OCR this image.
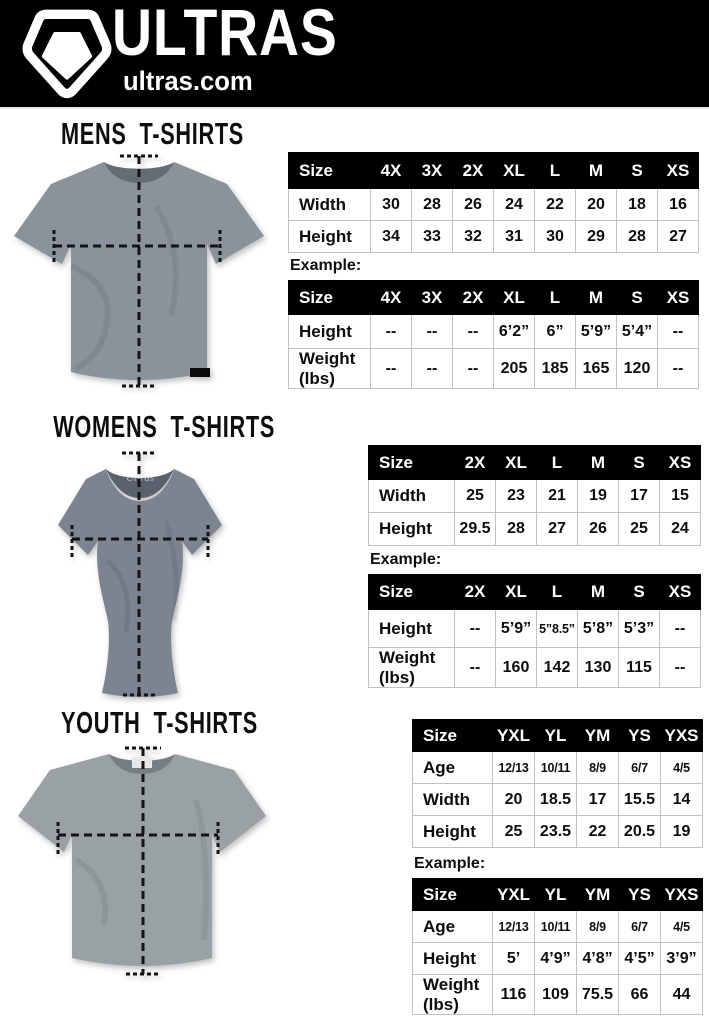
ULTRAS
ultras.com
MENS T-SHIRTS
WOMENS T-SHIRTS
YOUTH T-SHIRTS
Ultras
Size	4X	3X	2X	XL	L	M	S	XS
Width	30	28	26	24	22	20	18	16
Height	34	33	32	31	30	29	28	27
Example:
Size	4X	3X	2X	XL	L	M	S	XS
Height	--	--	--	6’2”	6”	5’9”	5’4”	--
Weight (lbs)	--	--	--	205	185	165	120	--
Size	2X	XL	L	M	S	XS
Width	25	23	21	19	17	15
Height	29.5	28	27	26	25	24
Example:
Size	2X	XL	L	M	S	XS
Height	--	5’9”	5”8.5”	5’8”	5’3”	--
Weight (lbs)	--	160	142	130	115	--
Size	YXL	YL	YM	YS	YXS
Age	12/13	10/11	8/9	6/7	4/5
Width	20	18.5	17	15.5	14
Height	25	23.5	22	20.5	19
Example:
Size	YXL	YL	YM	YS	YXS
Age	12/13	10/11	8/9	6/7	4/5
Height	5’	4’9”	4’8”	4’5”	3’9”
Weight (lbs)	116	109	75.5	66	44
